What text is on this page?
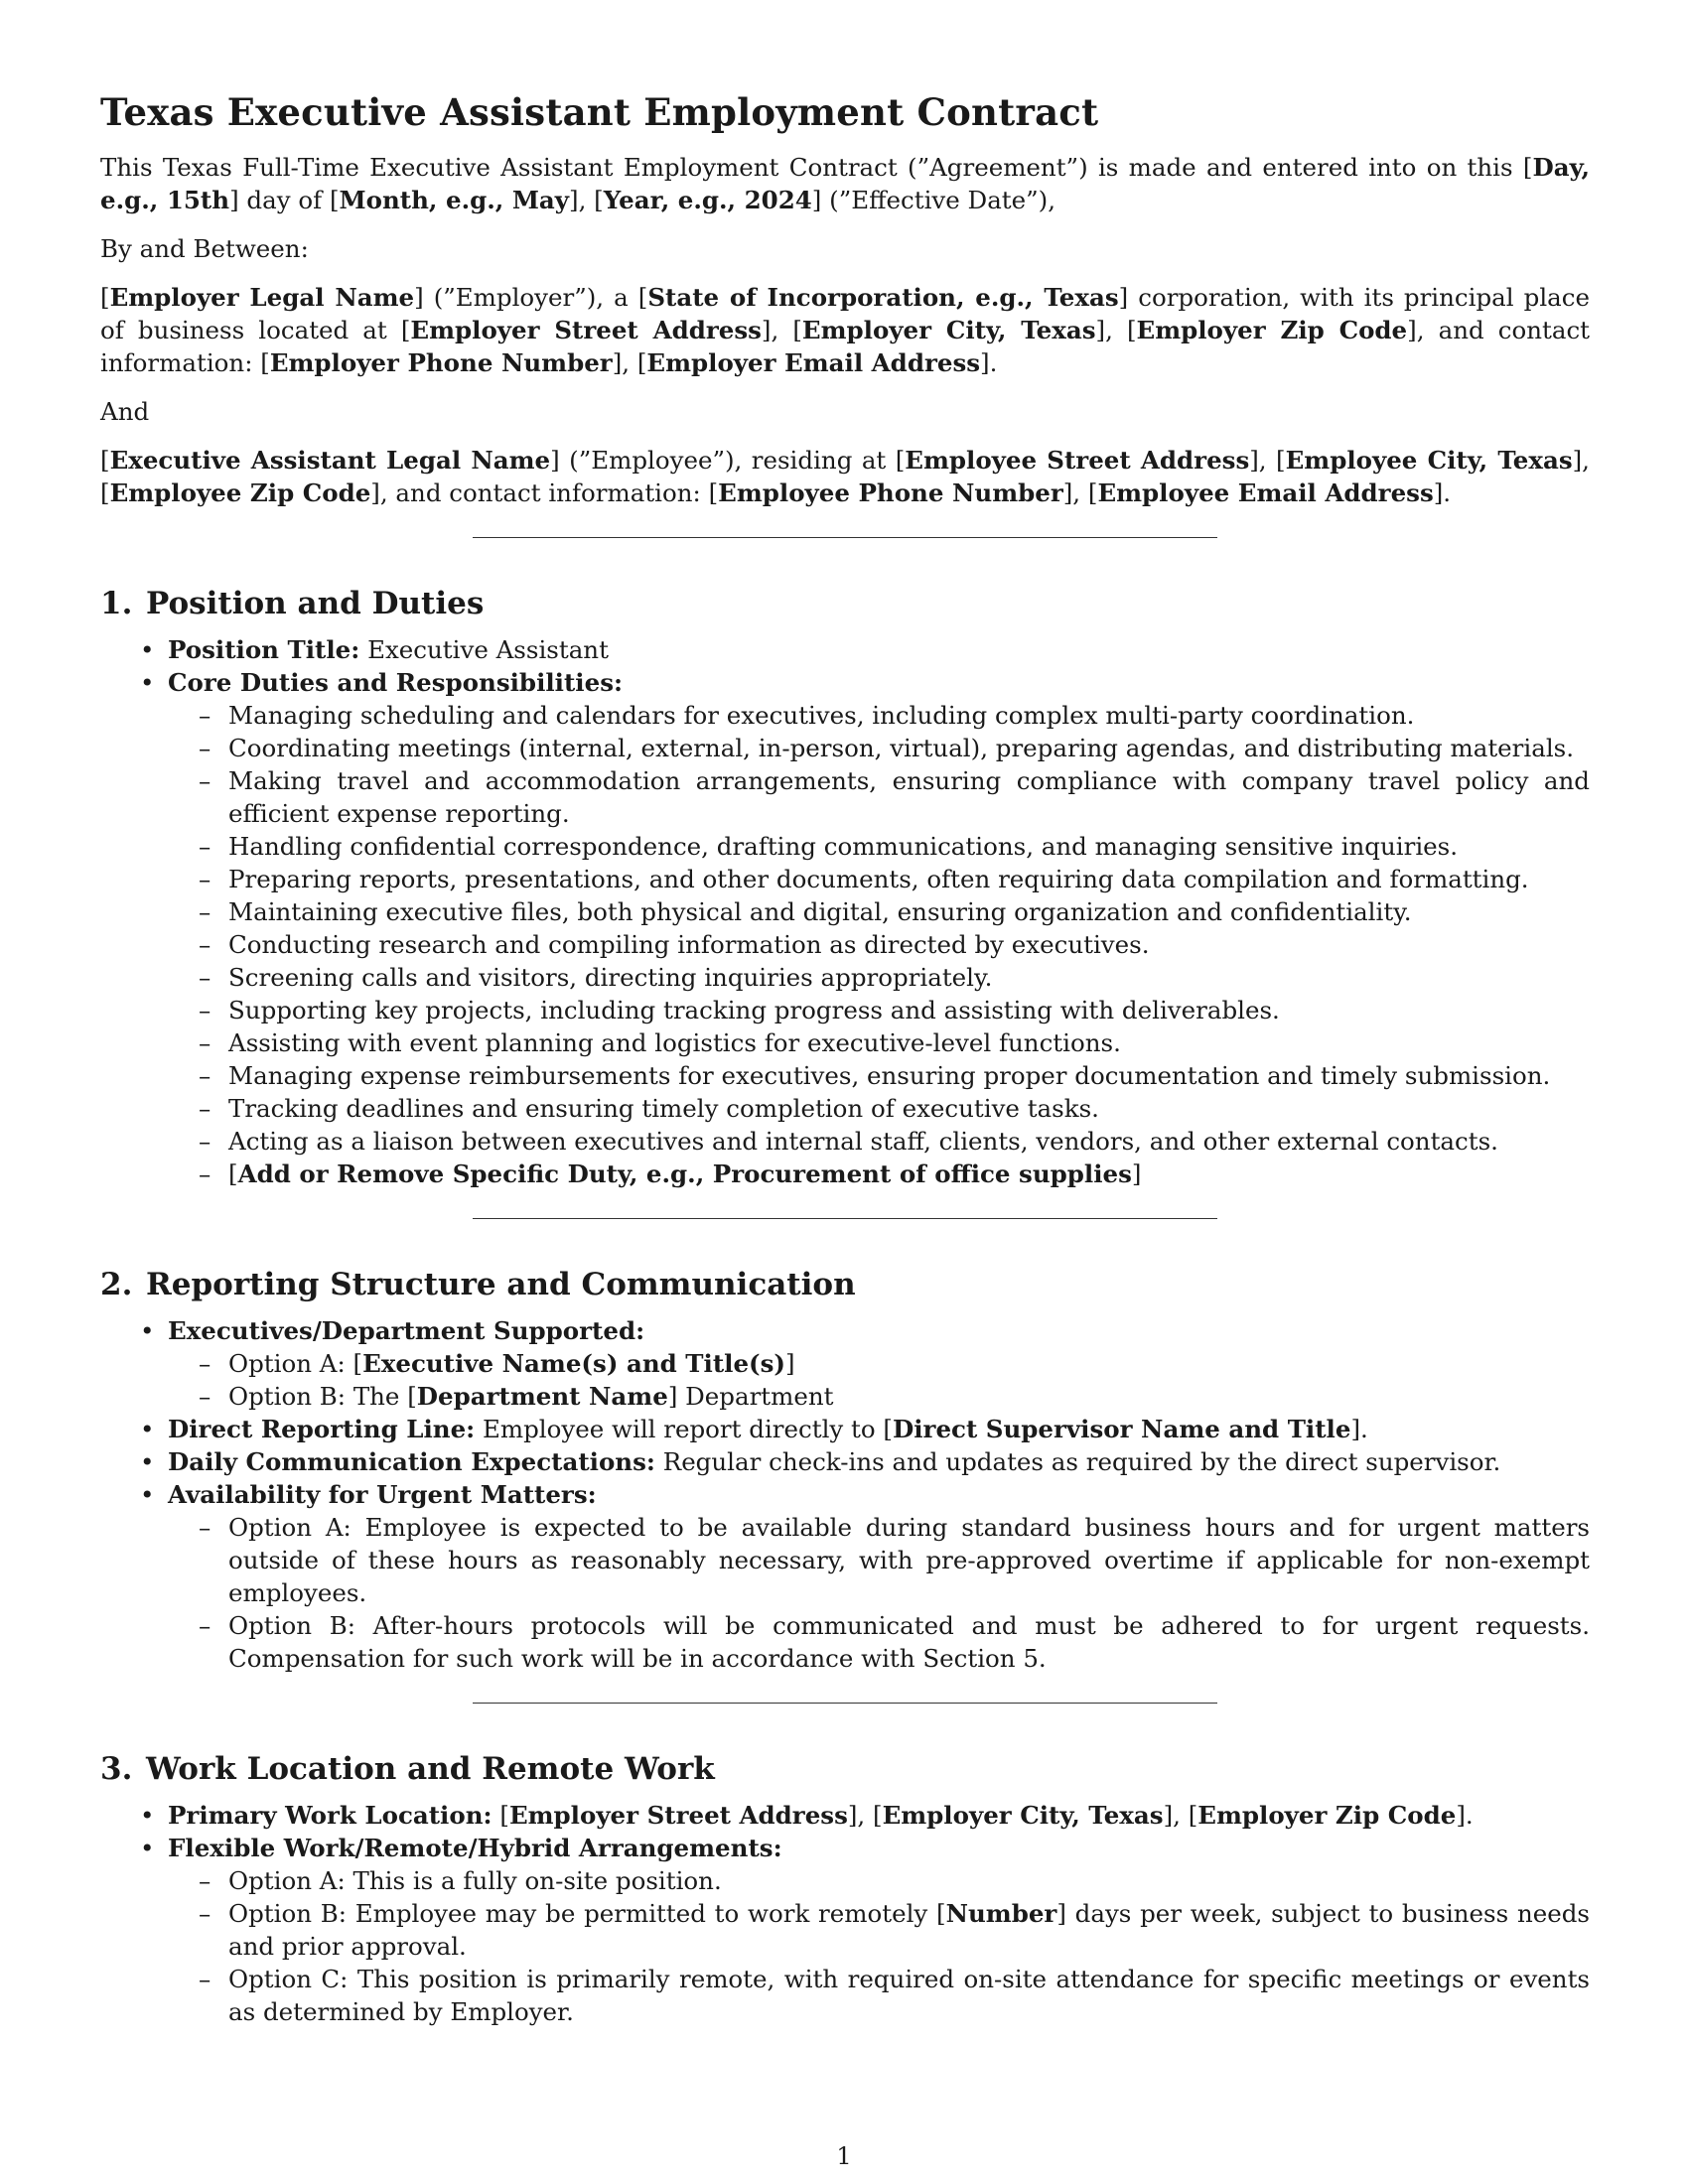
Texas Executive Assistant Employment Contract

This Texas Full-Time Executive Assistant Employment Contract (”Agreement”) is made and entered into on this [Day, e.g., 15th] day of [Month, e.g., May], [Year, e.g., 2024] (”Effective Date”),

By and Between:

[Employer Legal Name] (”Employer”), a [State of Incorporation, e.g., Texas] corporation, with its principal place of business located at [Employer Street Address], [Employer City, Texas], [Employer Zip Code], and contact information: [Employer Phone Number], [Employer Email Address].

And

[Executive Assistant Legal Name] (”Employee”), residing at [Employee Street Address], [Employee City, Texas], [Employee Zip Code], and contact information: [Employee Phone Number], [Employee Email Address].

1. Position and Duties
• Position Title: Executive Assistant
• Core Duties and Responsibilities:
– Managing scheduling and calendars for executives, including complex multi-party coordination.
– Coordinating meetings (internal, external, in-person, virtual), preparing agendas, and distributing materials.
– Making travel and accommodation arrangements, ensuring compliance with company travel policy and efficient expense reporting.
– Handling confidential correspondence, drafting communications, and managing sensitive inquiries.
– Preparing reports, presentations, and other documents, often requiring data compilation and formatting.
– Maintaining executive files, both physical and digital, ensuring organization and confidentiality.
– Conducting research and compiling information as directed by executives.
– Screening calls and visitors, directing inquiries appropriately.
– Supporting key projects, including tracking progress and assisting with deliverables.
– Assisting with event planning and logistics for executive-level functions.
– Managing expense reimbursements for executives, ensuring proper documentation and timely submission.
– Tracking deadlines and ensuring timely completion of executive tasks.
– Acting as a liaison between executives and internal staff, clients, vendors, and other external contacts.
– [Add or Remove Specific Duty, e.g., Procurement of office supplies]
2. Reporting Structure and Communication
• Executives/Department Supported:
– Option A: [Executive Name(s) and Title(s)]
– Option B: The [Department Name] Department
• Direct Reporting Line: Employee will report directly to [Direct Supervisor Name and Title].
• Daily Communication Expectations: Regular check-ins and updates as required by the direct supervisor.
• Availability for Urgent Matters:
– Option A: Employee is expected to be available during standard business hours and for urgent matters outside of these hours as reasonably necessary, with pre-approved overtime if applicable for non-exempt employees.
– Option B: After-hours protocols will be communicated and must be adhered to for urgent requests. Compensation for such work will be in accordance with Section 5.
3. Work Location and Remote Work
• Primary Work Location: [Employer Street Address], [Employer City, Texas], [Employer Zip Code].
• Flexible Work/Remote/Hybrid Arrangements:
– Option A: This is a fully on-site position.
– Option B: Employee may be permitted to work remotely [Number] days per week, subject to business needs and prior approval.
– Option C: This position is primarily remote, with required on-site attendance for specific meetings or events as determined by Employer.
1
